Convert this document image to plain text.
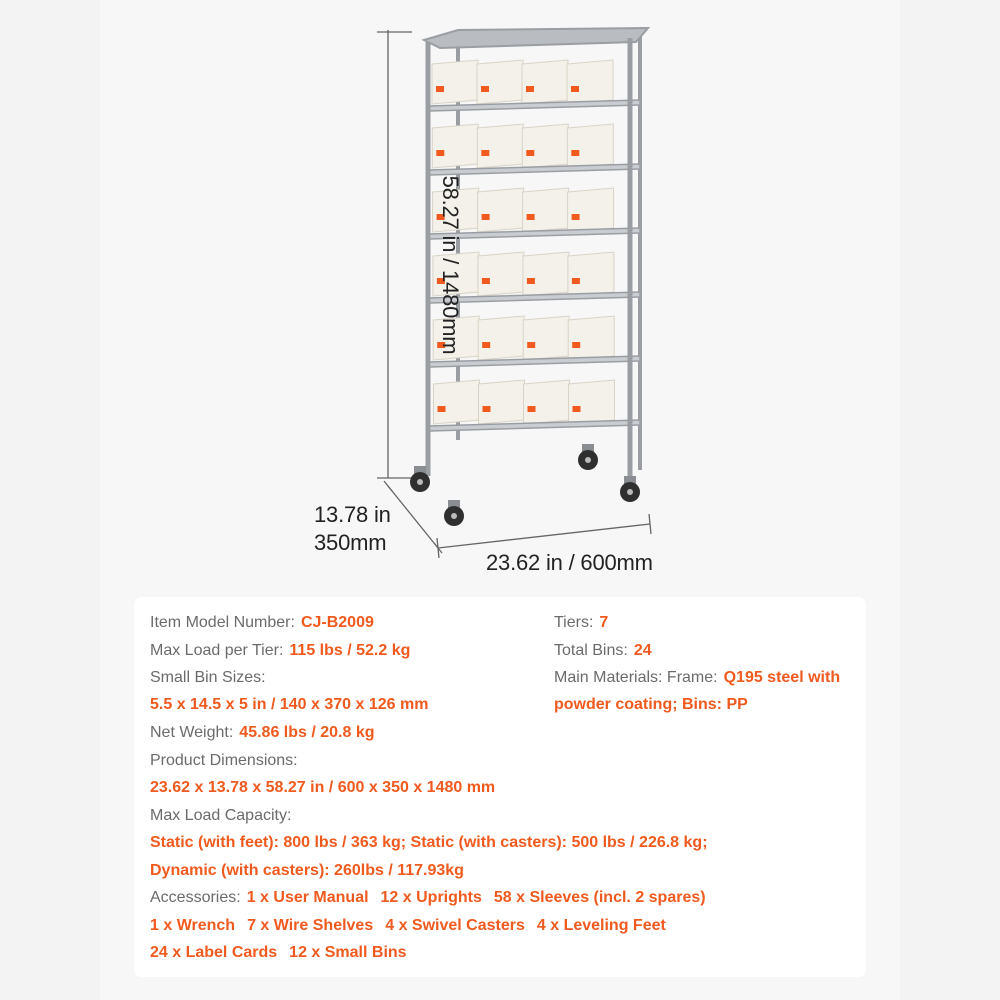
58.27 in / 1480mm
13.78 in
350mm
23.62 in / 600mm
Item Model Number: CJ-B2009
Max Load per Tier: 115 lbs / 52.2 kg
Small Bin Sizes:
5.5 x 14.5 x 5 in / 140 x 370 x 126 mm
Net Weight: 45.86 lbs / 20.8 kg
Product Dimensions:
23.62 x 13.78 x 58.27 in / 600 x 350 x 1480 mm
Max Load Capacity:
Static (with feet): 800 lbs / 363 kg; Static (with casters): 500 lbs / 226.8 kg;
Dynamic (with casters): 260lbs / 117.93kg
Accessories: 1 x User Manual 12 x Uprights 58 x Sleeves (incl. 2 spares)
1 x Wrench 7 x Wire Shelves 4 x Swivel Casters 4 x Leveling Feet
24 x Label Cards 12 x Small Bins
Tiers: 7
Total Bins: 24
Main Materials: Frame: Q195 steel with
powder coating; Bins: PP
